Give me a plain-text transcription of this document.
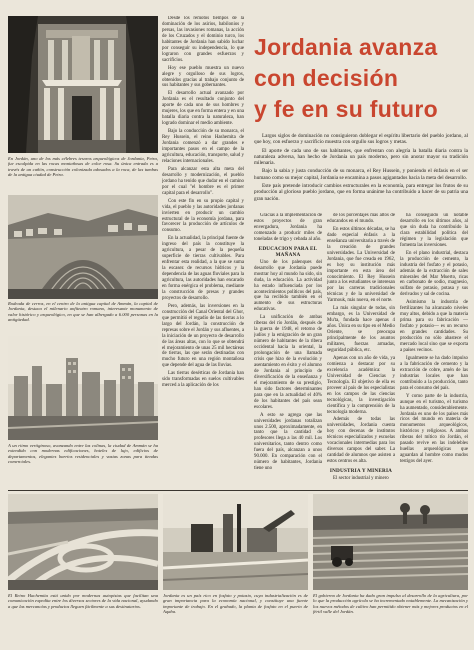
En Jordán, uno de los más célebres tesoros arqueológicos de Jordania, Petra, fue esculpida en las rocas montañosas de color rosa. Su única entrada es a través de un cañón, construcción colonizada adosados a la roca, de las tumbas de la antigua ciudad de Petra.
Rodeada de cerros, en el centro de la antigua capital de Ammán, la capital de Jordania, destaca el milenario anfiteatro romano, interesante monumento de valor histórico y arqueológico, en que se han albergado a 6.000 personas en la antigüedad.

Desde los remotos tiempos de la dominación de los asirios, babilonios y persas, las invasiones romanas, la acción de los Cruzados y el dominio turco, los habitantes de Jordania han sabido luchar por conseguir su independencia, lo que lograron con grandes esfuerzos y sacrificios.

Hoy ese pueblo muestra un nuevo alegre y orgulloso de sus logros, obtenidos gracias al trabajo conjunto de sus habitantes y sus gobernantes.

El desarrollo actual avanzado por Jordania es el resultado conjunto del aporte de cada uno de sus hombres y mujeres, los que en forma entera y en una batalla diaria contra la naturaleza, han logrado dominar el medio ambiente.

Bajo la conducción de su monarca, el Rey Hussein, el reino Hashemita de Jordania comenzó a dar grandes e importantes pasos en el campo de la agricultura, educación, transporte, salud y relaciones internacionales.

Para alcanzar esta alta meta del desarrollo y modernización, el pueblo jordano ha tenido que dudar en el camino por el cual "el hombre es el primer capital para el desarrollo".

Con este fin en su propio capital y vida, el pueblo y las autoridades jordanas invierten en producir un cambio estructural de la economía jordana, para favorecer la producción de artículos de consumo.

En la actualidad, la principal fuente de ingreso del país la constituye la agricultura, a pesar de la pequeña superficie de tierras cultivables. Para enfrentar esta realidad, a la que se suma la escasez de recursos hídricos y la dependencia de las aguas fluviales para la agricultura, las autoridades han encarado en forma enérgica el problema, mediante la construcción de presas y grandes proyectos de desarrollo.

Pero, además, las inversiones en la construcción del Canal Oriental del Ghor, que permitió el regadío de las tierras a lo largo del Jordán, la construcción de represas sobre el Jordán y sus afluentes, a la iniciación de un proyecto de desarrollo de las áreas altas, con lo que se obtendrá el mejoramiento de unas 25 mil hectáreas de tierras, las que serán destinadas con mucho futuro en una región montañosa que depende del agua de las lluvias.

Las tierras desérticas de Jordania han sido transformadas en suelos cultivables merced a la aplicación de los

A un ritmo vertiginoso, avanzando entre las colinas, la ciudad de Ammán se ha extendido con modernas edificaciones, hoteles de lujo, edificios de departamentos, elegantes barrios residenciales y vastas zonas para tiendas comerciales.
Jordania avanza
con decisión
y fe en su futuro

Largos siglos de dominación no consiguieron doblegar el espíritu libertario del pueblo jordano, al que hoy, con esfuerzo y sacrificio muestra con orgullo sus logros y metas.

El aporte de cada uno de sus habitantes, que enfrentan con alegría la batalla diaria contra la naturaleza adversa, han hecho de Jordania un país moderno, pero sin anorar mayor su tradición milenaria.

Bajo la sabia y justa conducción de su monarca, el Rey Hussein, y poniendo el énfasis en el ser humano como su mejor capital, Jordania se encamina a pasos agigantados hacia la meta del desarrollo.

Este país pretende introducir cambios estructurales en la economía, para entregar los frutos de su producción al glorioso pueblo jordano, que en forma unánime ha contribuido a hacer de su patria una gran nación.

Gracias a la implementación de estos proyectos de gran envergadura, Jordania ha comenzado a producir miles de toneladas de trigo y cebada al año.

EDUCACION PARA EL MAÑANA

Uno de los palenques del desarrollo que Jordania puede mostrar hoy al mundo ha sido, sin duda, la educación. La actividad ha estado influenciada por los acontecimientos políticos del país, que ha recibido también en el aumento de sus estructuras educativas.

La unificación de ambas riberas del río Jordán, después de la guerra de 1948, el retorno de judíos y la emigración de un gran número de habitantes de la ribera occidental hacia la oriental, la prolongación de una llamada crisis que hizo de la evolución y asentamiento en éxito y el alumno de Jordania al principio de diversificación de la enseñanza y el mejoramiento de su prestigio, han sido factores determinantes para que en la actualidad el 40% de los habitantes del país sean escolares.

A esto se agrega que las universidades jordanas totalizan unos 2.500, aproximadamente, en tanto que la cantidad de profesores llega a las 40 mil. Los universitarios, tanto dentro como fuera del país, alcanzan a unos 90.000. En comparación con el número de habitantes, Jordania tiene uno

de los porcentajes más altos de educandos en el mundo.

En estos últimos décadas, se ha dado especial énfasis a la enseñanza universitaria a través de la creación de grandes universidades. La Universidad de Jordania, que fue creada en 1962, es hoy su institución más importante en esta área del conocimiento. El Rey Hussein junto a los estudiantes se interesan por las carreras tradicionales técnicas y de la universidad de Yarmouk, más nueva, en el norte.

La más singular de todas, sin embargo, es la Universidad de Mu'ta, fundada hace apenas 4 años. Única en su tipo en el Medio Oriente, se preocupa principalmente de los asuntos militares, fuerzas armadas, seguridad pública, etc.

Apenas con un año de vida, ya comienza a destacar por su excelencia académica: la Universidad de Ciencias y Tecnología. El objetivo de ella es proveer al país de los especialistas en los campos de las ciencias tecnológicas, la investigación científica y la comprensión de la tecnología moderna.

Además de todas las universidades, Jordania cuenta hoy con decenas de institutos técnicos especializados y escuelas vocacionales intermedias para los diversos campos del saber. La cantidad de alumnos que asisten a estos centros es alta.

INDUSTRIA Y MINERIA

El sector industrial y minero

ha conseguido un notable desarrollo en los últimos años, al que sin duda ha contribuido la clara estabilidad política del régimen y la legislación que fomenta las inversiones.

En el plano industrial, destaca la producción de cemento, la industria del fosfato y el potasio, además de la extracción de sales minerales del Mar Muerto, ricas en carbonato de sodio, magnesio, sulfato de potasio, potasa y sus derivados y sal de cocina.

Asimismo la industria de fertilizantes ha alcanzado niveles muy altos, debido a que la materia prima para su fabricación —fosfato y potasio— es un recurso en grandes cantidades. Su producción no sólo abastece el mercado local sino que se exporta a países vecinos.

Igualmente se ha dado impulso a la fabricación de cemento y la extracción de cobre, amén de las industrias locales que han contribuido a la producción, tanto para el consumo del país.

Y como parte de la industria, aunque en el turismo, el turismo ha aumentado, considerablemente. Jordania es uno de los países más ricos del mundo en materia de monumentos arqueológicos, históricos y religiosos. A ambas riberas del mítico río Jordán, el pasado revive en las indelebles huellas arqueológicas que aguardan al hombre como mudos testigos del ayer.

El Reino Hachemita está unido por modernas autopistas que facilitan una comunicación expedita entre los diversos sectores de la vida nacional, ayudando a que las mercancías y productos lleguen fácilmente a sus destinatarios.
Jordania es un país rico en fosfato y potasio, cuya industrialización es de gran importancia para la economía nacional, y constituye una fuente importante de trabajo. En el grabado, la planta de fosfato en el puerto de Aqaba.
El gobierno de Jordania ha dado gran impulso al desarrollo de la agricultura, por lo que la producción agrícola se ha incrementado notablemente. La mecanización y los nuevos métodos de cultivo han permitido obtener más y mejores productos en el fértil valle del Jordán.
